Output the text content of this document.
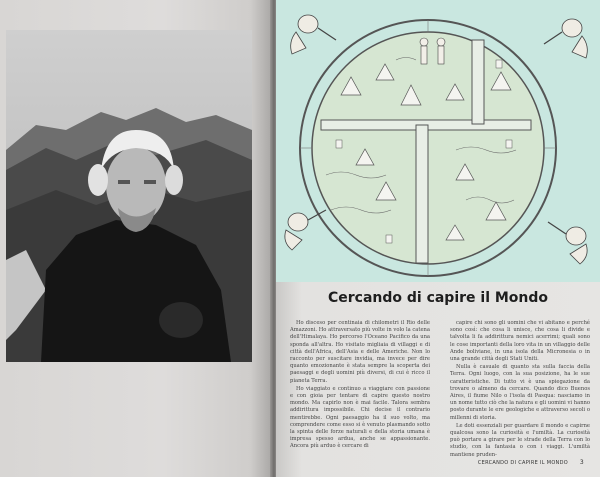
Cercando di capire il Mondo

Ho disceso per centinaia di chilometri il Rio delle Amazzoni. Ho attraversato più volte in volo la catena dell'Himalaya. Ho percorso l'Oceano Pacifico da una sponda all'altra. Ho visitato migliaia di villaggi e di città dell'Africa, dell'Asia e delle Americhe. Non lo racconto per suscitare invidia, ma invece per dire quanto emozionante è stata sempre la scoperta dei paesaggi e degli uomini più diversi, di cui è ricco il pianeta Terra.

Ho viaggiato e continuo a viaggiare con passione e con gioia per tentare di capire questo nostro mondo. Ma capirlo non è mai facile. Talora sembra addirittura impossibile. Chi decise il contrario mentirebbe. Ogni paesaggio ha il suo volto, ma comprendere come esso si è venuto plasmando sotto la spinta delle forze naturali e della storia umana è impresa spesso ardua, anche se appassionante. Ancora più arduo è cercare di

capire chi sono gli uomini che vi abitano e perché sono così: che cosa li unisce, che cosa li divide e talvolta li fa addirittura nemici acerrimi; quali sono le cose importanti della loro vita in un villaggio delle Ande boliviane, in una isola della Micronesia o in una grande città degli Stati Uniti.

Nulla è casuale di quanto sta sulla faccia della Terra. Ogni luogo, con la sua posizione, ha le sue caratteristiche. Di tutto vi è una spiegazione da trovare o almeno da cercare. Quando dico Buenos Aires, il fiume Nilo o l'isola di Pasqua: nasciamo in un nome tutto ciò che la natura e gli uomini vi hanno posto durante le ere geologiche e attraverso secoli o millenni di storia.

Le doti essenziali per guardare il mondo e capirne qualcosa sono la curiosità e l'umiltà. La curiosità può portare a girare per le strade della Terra con lo studio, con la fantasia o con i viaggi. L'umiltà mantiene pruden-

CERCANDO DI CAPIRE IL MONDO 3
